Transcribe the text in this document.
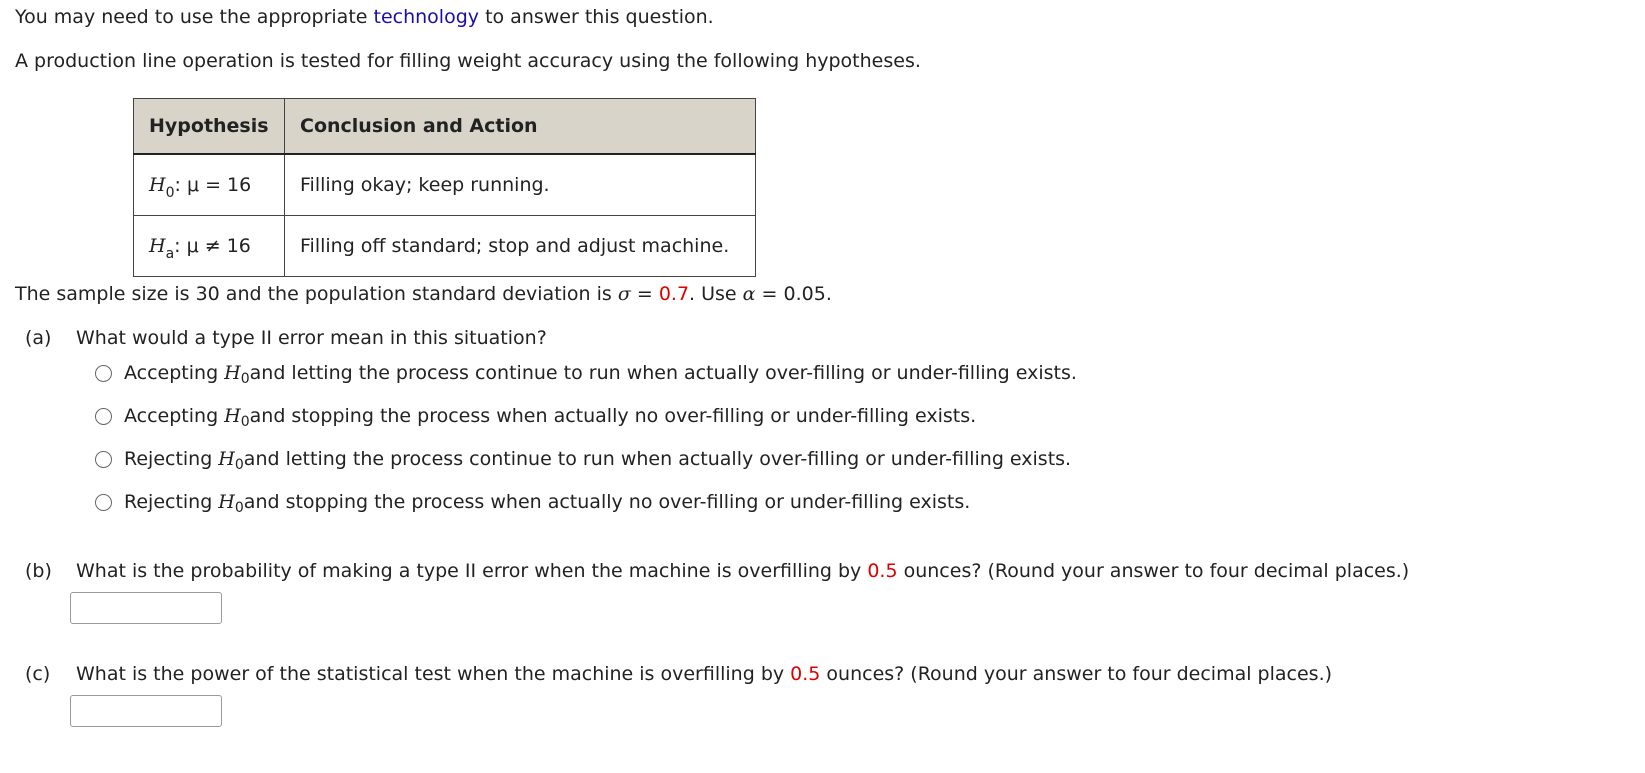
You may need to use the appropriate technology to answer this question.
A production line operation is tested for filling weight accuracy using the following hypotheses.
Hypothesis	Conclusion and Action
$H_0$: μ = 16	Filling okay; keep running.
$H_a$: μ ≠ 16	Filling off standard; stop and adjust machine.
The sample size is 30 and the population standard deviation is σ = 0.7. Use α = 0.05.
(a) What would a type II error mean in this situation?
Accepting H 0 and letting the process continue to run when actually over-filling or under-filling exists.
Accepting H 0 and stopping the process when actually no over-filling or under-filling exists.
Rejecting H 0 and letting the process continue to run when actually over-filling or under-filling exists.
Rejecting H 0 and stopping the process when actually no over-filling or under-filling exists.
(b) What is the probability of making a type II error when the machine is overfilling by 0.5 ounces? (Round your answer to four decimal places.)
(c) What is the power of the statistical test when the machine is overfilling by 0.5 ounces? (Round your answer to four decimal places.)
